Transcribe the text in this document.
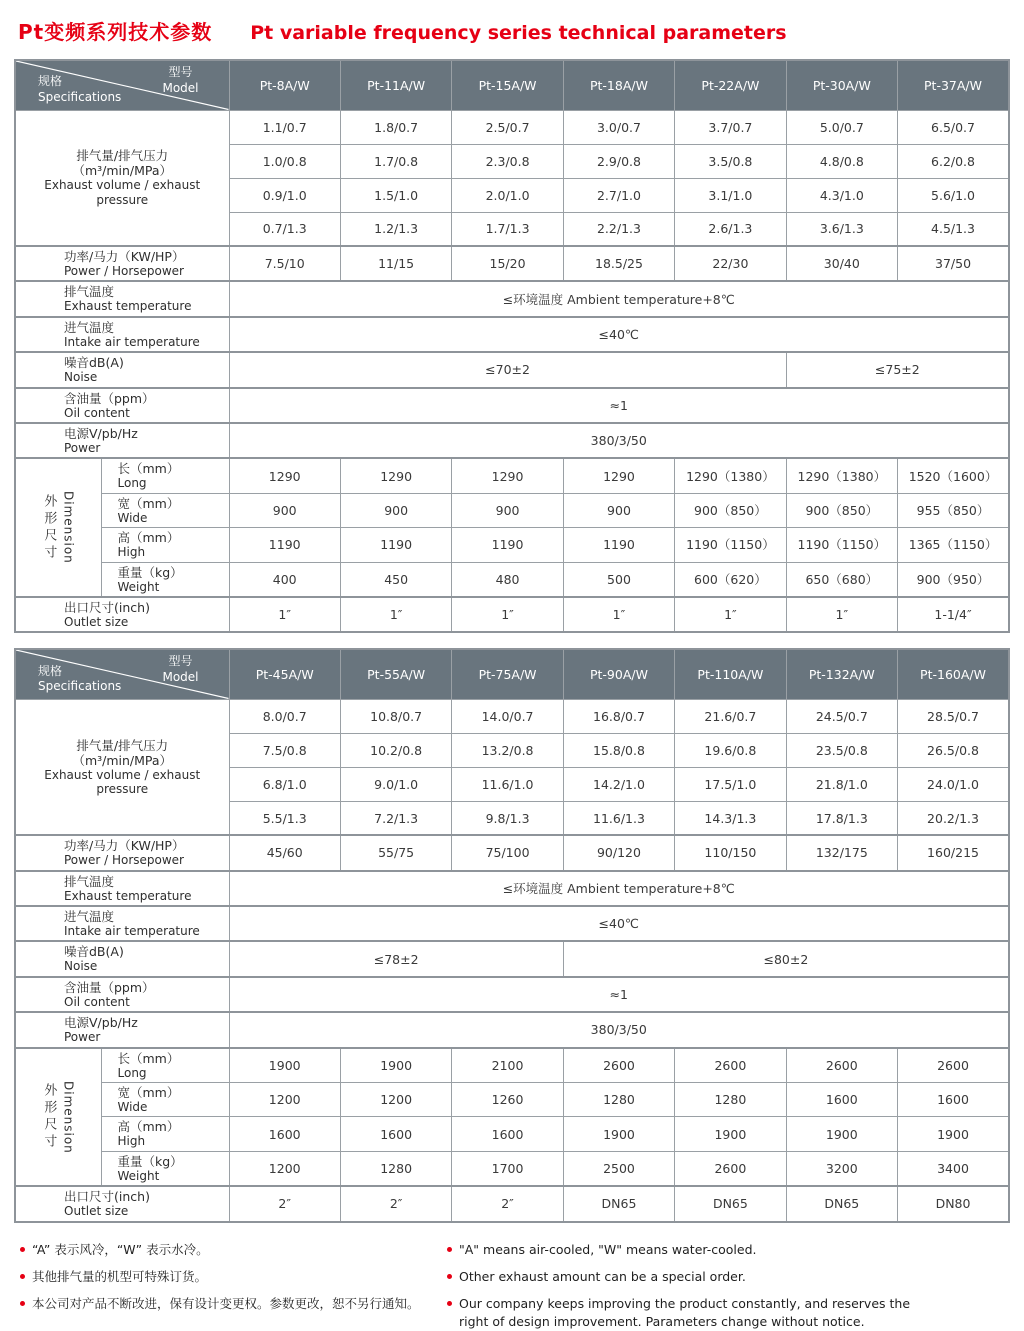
Pt变频系列技术参数 Pt variable frequency series technical parameters
型号
Model
规格
Specifications		Pt-8A/W	Pt-11A/W	Pt-15A/W	Pt-18A/W	Pt-22A/W	Pt-30A/W	Pt-37A/W

排气量/排气压力
（m³/min/MPa）
Exhaust volume / exhaust pressure		1.1/0.7	1.8/0.7	2.5/0.7	3.0/0.7	3.7/0.7	5.0/0.7	6.5/0.7
		1.0/0.8	1.7/0.8	2.3/0.8	2.9/0.8	3.5/0.8	4.8/0.8	6.2/0.8
		0.9/1.0	1.5/1.0	2.0/1.0	2.7/1.0	3.1/1.0	4.3/1.0	5.6/1.0
		0.7/1.3	1.2/1.3	1.7/1.3	2.2/1.3	2.6/1.3	3.6/1.3	4.5/1.3

功率/马力（KW/HP）
Power / Horsepower		7.5/10	11/15	15/20	18.5/25	22/30	30/40	37/50

排气温度
Exhaust temperature		≤环境温度 Ambient temperature+8℃						

进气温度
Intake air temperature		≤40℃						

噪音dB(A)
Noise		≤70±2					≤75±2	

含油量（ppm）
Oil content		≈1						

电源V/pb/Hz
Power		380/3/50						

外形尺寸 Dimension

长（mm）
Long	1290	1290	1290	1290	1290（1380）	1290（1380）	1520（1600）

	宽（mm）
Wide	900	900	900	900	900（850）	900（850）	955（850）

	高（mm）
High	1190	1190	1190	1190	1190（1150）	1190（1150）	1365（1150）

	重量（kg）
Weight	400	450	480	500	600（620）	650（680）	900（950）

出口尺寸(inch)
Outlet size		1″	1″	1″	1″	1″	1″	1-1/4″
型号
Model
规格
Specifications		Pt-45A/W	Pt-55A/W	Pt-75A/W	Pt-90A/W	Pt-110A/W	Pt-132A/W	Pt-160A/W

排气量/排气压力
（m³/min/MPa）
Exhaust volume / exhaust pressure		8.0/0.7	10.8/0.7	14.0/0.7	16.8/0.7	21.6/0.7	24.5/0.7	28.5/0.7
		7.5/0.8	10.2/0.8	13.2/0.8	15.8/0.8	19.6/0.8	23.5/0.8	26.5/0.8
		6.8/1.0	9.0/1.0	11.6/1.0	14.2/1.0	17.5/1.0	21.8/1.0	24.0/1.0
		5.5/1.3	7.2/1.3	9.8/1.3	11.6/1.3	14.3/1.3	17.8/1.3	20.2/1.3

功率/马力（KW/HP）
Power / Horsepower		45/60	55/75	75/100	90/120	110/150	132/175	160/215

排气温度
Exhaust temperature		≤环境温度 Ambient temperature+8℃						

进气温度
Intake air temperature		≤40℃						

噪音dB(A)
Noise		≤78±2			≤80±2			

含油量（ppm）
Oil content		≈1						

电源V/pb/Hz
Power		380/3/50						

外形尺寸 Dimension

长（mm）
Long	1900	1900	2100	2600	2600	2600	2600

	宽（mm）
Wide	1200	1200	1260	1280	1280	1600	1600

	高（mm）
High	1600	1600	1600	1900	1900	1900	1900

	重量（kg）
Weight	1200	1280	1700	2500	2600	3200	3400

出口尺寸(inch)
Outlet size		2″	2″	2″	DN65	DN65	DN65	DN80
“A” 表示风冷，“W” 表示水冷。
其他排气量的机型可特殊订货。
本公司对产品不断改进，保有设计变更权。参数更改，恕不另行通知。
"A" means air-cooled, "W" means water-cooled.
Other exhaust amount can be a special order.
Our company keeps improving the product constantly, and reserves the right of design improvement. Parameters change without notice.
